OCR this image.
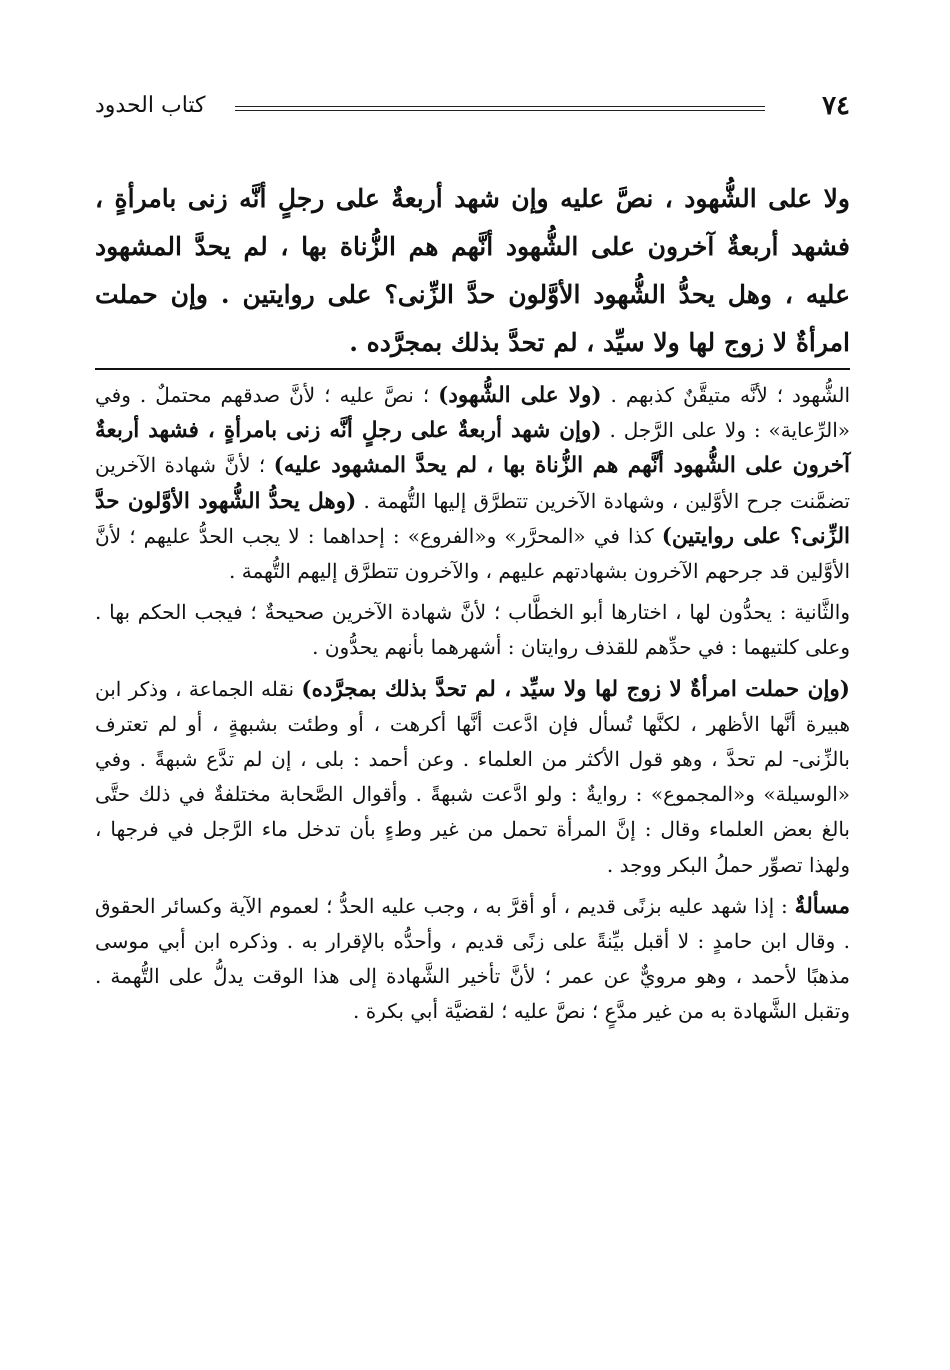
٧٤
كتاب الحدود

ولا على الشُّهود ، نصَّ عليه وإن شهد أربعةٌ على رجلٍ أنَّه زنى بامرأةٍ ، فشهد أربعةٌ آخرون على الشُّهود أنَّهم هم الزُّناة بها ، لم يحدَّ المشهود عليه ، وهل يحدُّ الشُّهود الأوَّلون حدَّ الزِّنى؟ على روايتين . وإن حملت امرأةٌ لا زوج لها ولا سيِّد ، لم تحدَّ بذلك بمجرَّده .

الشُّهود ؛ لأنَّه متيقَّنٌ كذبهم . (ولا على الشُّهود) ؛ نصَّ عليه ؛ لأنَّ صدقهم محتملٌ . وفي «الرِّعاية» : ولا على الرَّجل . (وإن شهد أربعةٌ على رجلٍ أنَّه زنى بامرأةٍ ، فشهد أربعةٌ آخرون على الشُّهود أنَّهم هم الزُّناة بها ، لم يحدَّ المشهود عليه) ؛ لأنَّ شهادة الآخرين تضمَّنت جرح الأوَّلين ، وشهادة الآخرين تتطرَّق إليها التُّهمة . (وهل يحدُّ الشُّهود الأوَّلون حدَّ الزِّنى؟ على روايتين) كذا في «المحرَّر» و«الفروع» : إحداهما : لا يجب الحدُّ عليهم ؛ لأنَّ الأوَّلين قد جرحهم الآخرون بشهادتهم عليهم ، والآخرون تتطرَّق إليهم التُّهمة .

والثَّانية : يحدُّون لها ، اختارها أبو الخطَّاب ؛ لأنَّ شهادة الآخرين صحيحةٌ ؛ فيجب الحكم بها . وعلى كلتيهما : في حدِّهم للقذف روايتان : أشهرهما بأنهم يحدُّون .

(وإن حملت امرأةٌ لا زوج لها ولا سيِّد ، لم تحدَّ بذلك بمجرَّده) نقله الجماعة ، وذكر ابن هبيرة أنَّها الأظهر ، لكنَّها تُسأل فإن ادَّعت أنَّها أكرهت ، أو وطئت بشبهةٍ ، أو لم تعترف بالزِّنى- لم تحدَّ ، وهو قول الأكثر من العلماء . وعن أحمد : بلى ، إن لم تدَّع شبهةً . وفي «الوسيلة» و«المجموع» : روايةٌ : ولو ادَّعت شبهةً . وأقوال الصَّحابة مختلفةٌ في ذلك حتَّى بالغ بعض العلماء وقال : إنَّ المرأة تحمل من غير وطءٍ بأن تدخل ماء الرَّجل في فرجها ، ولهذا تصوِّر حملُ البكر ووجد .

مسألةٌ : إذا شهد عليه بزنًى قديم ، أو أقرَّ به ، وجب عليه الحدُّ ؛ لعموم الآية وكسائر الحقوق . وقال ابن حامدٍ : لا أقبل بيِّنةً على زنًى قديم ، وأحدُّه بالإقرار به . وذكره ابن أبي موسى مذهبًا لأحمد ، وهو مرويٌّ عن عمر ؛ لأنَّ تأخير الشَّهادة إلى هذا الوقت يدلُّ على التُّهمة . وتقبل الشَّهادة به من غير مدَّعٍ ؛ نصَّ عليه ؛ لقضيَّة أبي بكرة .
